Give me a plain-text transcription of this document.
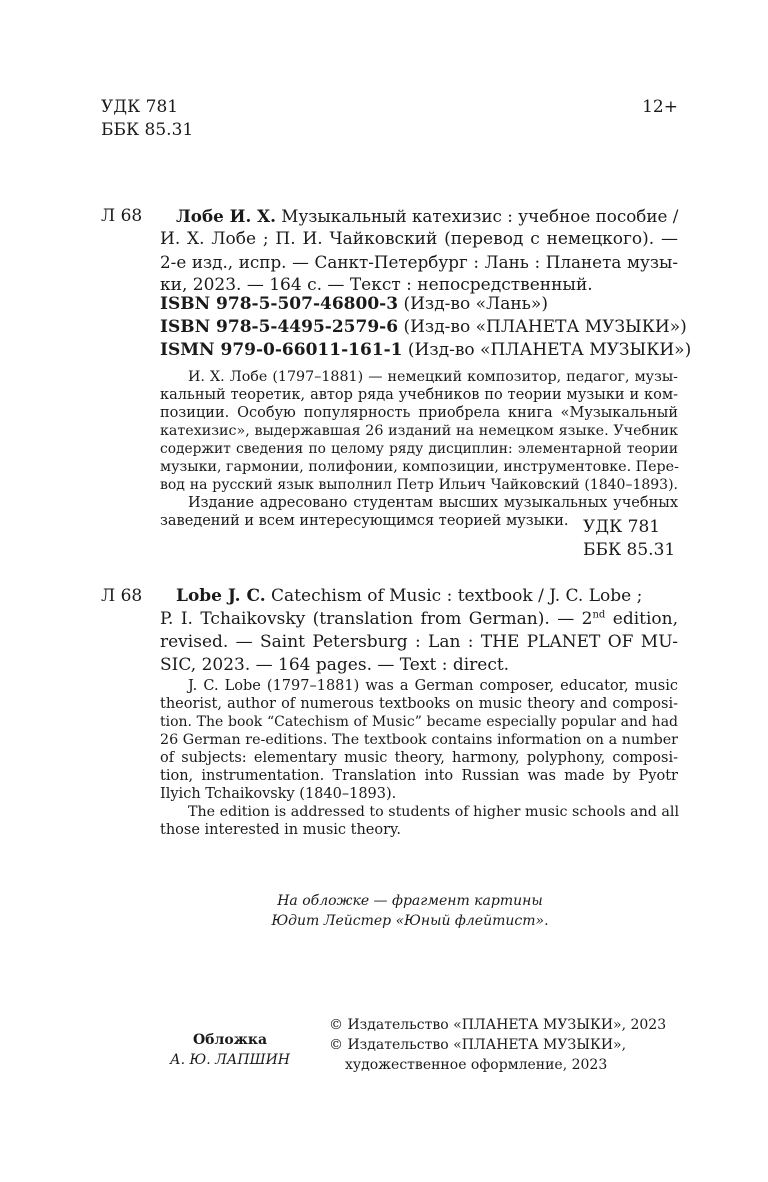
УДК 781
ББК 85.31
12+
Л 68	Лобе И. Х. Музыкальный катехизис : учебное пособие /
И. Х. Лобе ; П. И. Чайковский (перевод с немецкого). —
2-е изд., испр. — Санкт-Петербург : Лань : Планета музы-
ки, 2023. — 164 с. — Текст : непосредственный.
ISBN 978-5-507-46800-3 (Изд-во «Лань»)
ISBN 978-5-4495-2579-6 (Изд-во «ПЛАНЕТА МУЗЫКИ»)
ISMN 979-0-66011-161-1 (Изд-во «ПЛАНЕТА МУЗЫКИ»)
И. Х. Лобе (1797–1881) — немецкий композитор, педагог, музы-
кальный теоретик, автор ряда учебников по теории музыки и ком-
позиции. Особую популярность приобрела книга «Музыкальный
катехизис», выдержавшая 26 изданий на немецком языке. Учебник
содержит сведения по целому ряду дисциплин: элементарной теории
музыки, гармонии, полифонии, композиции, инструментовке. Пере-
вод на русский язык выполнил Петр Ильич Чайковский (1840–1893).
Издание адресовано студентам высших музыкальных учебных
заведений и всем интересующимся теорией музыки. УДК 781
ББК 85.31
Л 68	Lobe J. C. Catechism of Music : textbook / J. C. Lobe ;
P. I. Tchaikovsky (translation from German). — 2nd edition,
revised. — Saint Petersburg : Lan : THE PLANET OF MU-
SIC, 2023. — 164 pages. — Text : direct.
J. C. Lobe (1797–1881) was a German composer, educator, music
theorist, author of numerous textbooks on music theory and composi-
tion. The book “Catechism of Music” became especially popular and had
26 German re-editions. The textbook contains information on a number
of subjects: elementary music theory, harmony, polyphony, composi-
tion, instrumentation. Translation into Russian was made by Pyotr
Ilyich Tchaikovsky (1840–1893).
The edition is addressed to students of higher music schools and all
those interested in music theory.
На обложке — фрагмент картины
Юдит Лейстер «Юный флейтист».
Обложка
А. Ю. ЛАПШИН
© Издательство «ПЛАНЕТА МУЗЫКИ», 2023
© Издательство «ПЛАНЕТА МУЗЫКИ»,
художественное оформление, 2023
